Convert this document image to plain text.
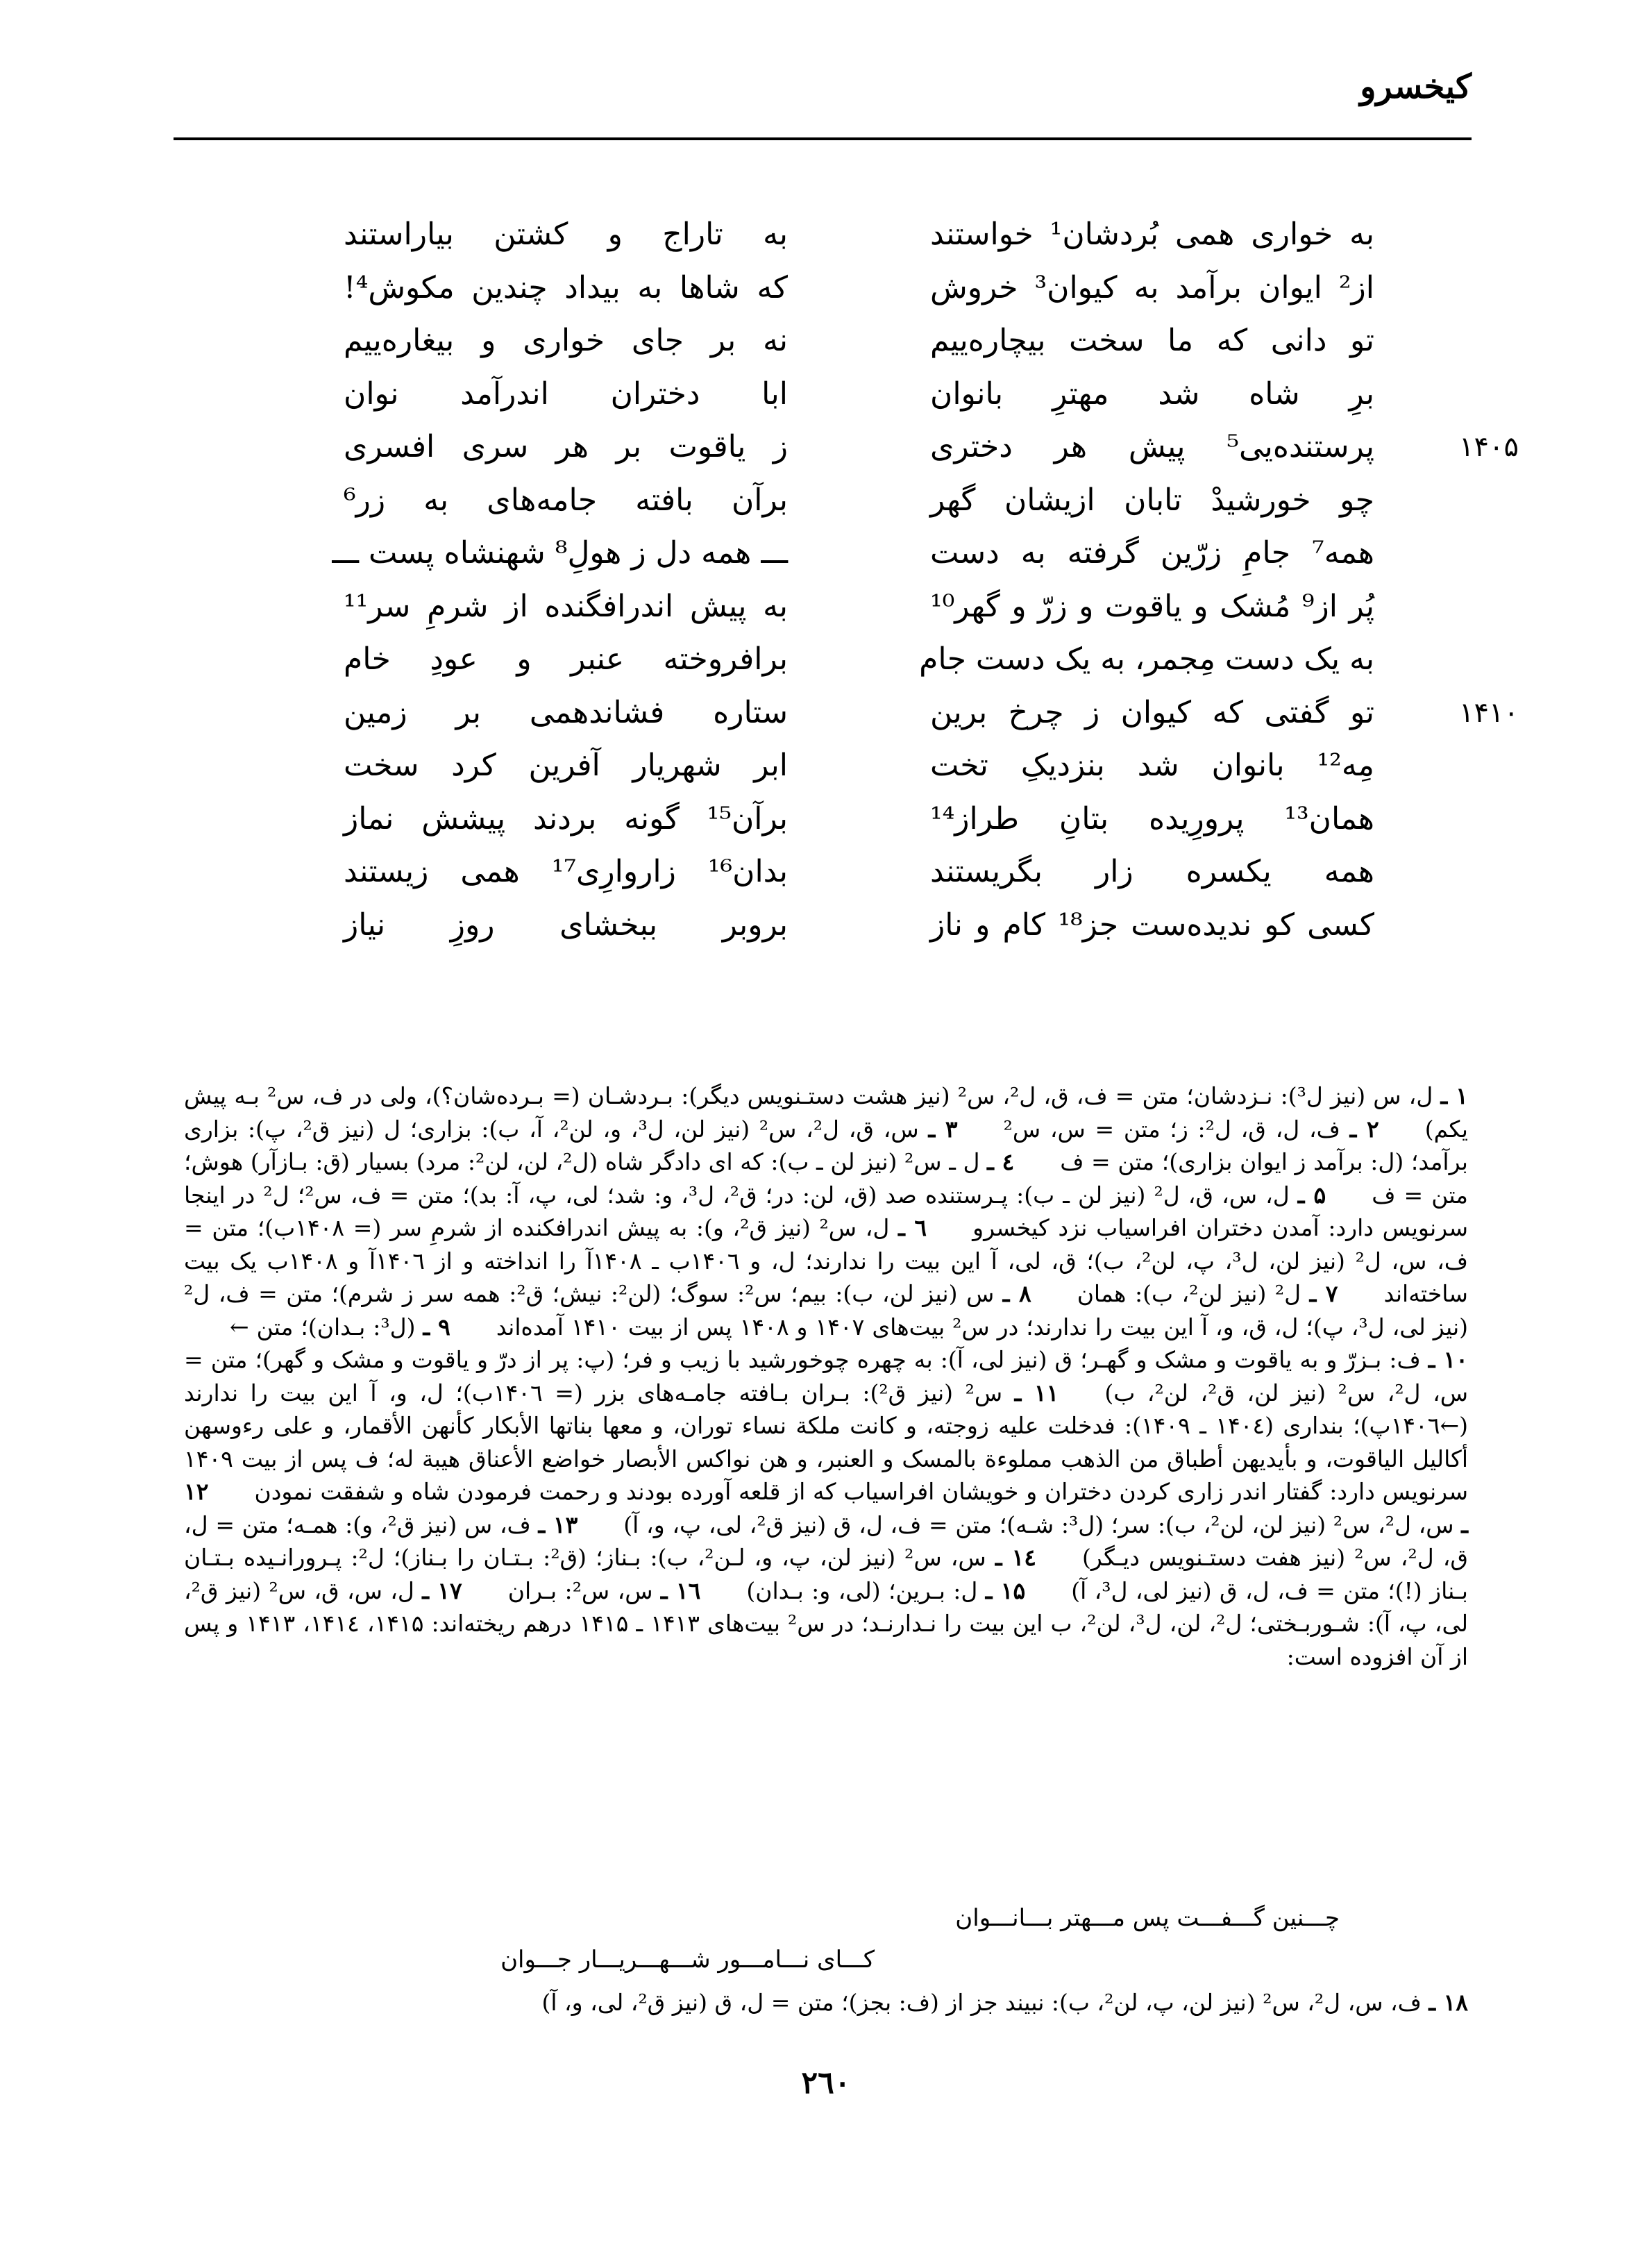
کیخسرو
به خواری همی بُردشان¹ خواستند
به تاراج و کشتن بیاراستند
از² ایوان برآمد به کیوان³ خروش
که شاها به بیداد چندین مکوش⁴!
تو دانی که ما سخت بیچاره‌ییم
نه بر جای خواری و بیغاره‌ییم
برِ شاه شد مهترِ بانوان
ابا دختران اندرآمد نوان
۱۴۰۵
پرستنده‌یی⁵ پیش هر دختری
ز یاقوت بر هر سری افسری
چو خورشیدْ تابان ازیشان گهر
برآن بافته جامه‌های به زر⁶
همه⁷ جامِ زرّین گرفته به دست
ـــ همه دل ز هولِ⁸ شهنشاه پست ـــ
پُر از⁹ مُشک و یاقوت و زرّ و گهر¹⁰
به پیش اندرافگنده از شرمِ سر¹¹
به یک دست مِجمر، به یک دست جام
برافروخته عنبر و عودِ خام
۱۴۱۰
تو گفتی که کیوان ز چرخ برین
ستاره فشاندهمی بر زمین
مِه¹² بانوان شد بنزدیکِ تخت
ابر شهریار آفرین کرد سخت
همان¹³ پرورِیده بتانِ طراز¹⁴
برآن¹⁵ گونه بردند پیشش نماز
همه یکسره زار بگریستند
بدان¹⁶ زاروارِی¹⁷ همی زیستند
کسی کو ندیده‌ست جز¹⁸ کام و ناز
بروبر ببخشای روزِ نیاز

۱ ـ ل، س (نیز ل³): نـزدشان؛ متن = ف، ق، ل²، س² (نیز هشت دستـنویس دیگر): بـردشـان (= بـرده‌شان؟)، ولی در ف، س² بـه پیش یکم)  ۲ ـ ف، ل، ق، ل²: ز؛ متن = س، س²  ۳ ـ س، ق، ل²، س² (نیز لن، ل³، و، لن²، آ، ب): بزاری؛ ل (نیز ق²، پ): بزاری برآمد؛ (ل: برآمد ز ایوان بزاری)؛ متن = ف  ٤ ـ ل ـ س² (نیز لن ـ ب): که ای دادگر شاه (ل²، لن، لن²: مرد) بسیار (ق: بـازآر) هوش؛ متن = ف  ۵ ـ ل، س، ق، ل² (نیز لن ـ ب): پـرستنده صد (ق، لن: در؛ ق²، ل³، و: شد؛ لی، پ، آ: بد)؛ متن = ف، س²؛ ل² در اینجا سرنویس دارد: آمدن دختران افراسیاب نزد کیخسرو  ٦ ـ ل، س² (نیز ق²، و): به پیش اندرافکنده از شرمِ سر (= ۱۴۰۸ب)؛ متن = ف، س، ل² (نیز لن، ل³، پ، لن²، ب)؛ ق، لی، آ این بیت را ندارند؛ ل، و ۱۴۰٦ب ـ ۱۴۰۸آ را انداخته و از ۱۴۰٦آ و ۱۴۰۸ب یک بیت ساخته‌اند  ۷ ـ ل² (نیز لن²، ب): همان  ۸ ـ س (نیز لن، ب): بیم؛ س²: سوگ؛ (لن²: نیش؛ ق²: همه سر ز شرم)؛ متن = ف، ل² (نیز لی، ل³، پ)؛ ل، ق، و، آ این بیت را ندارند؛ در س² بیت‌های ۱۴۰۷ و ۱۴۰۸ پس از بیت ۱۴۱۰ آمده‌اند  ۹ ـ (ل³: بـدان)؛ متن ←  ۱۰ ـ ف: بـزرّ و به یاقوت و مشک و گهـر؛ ق (نیز لی، آ): به چهره چوخورشید با زیب و فر؛ (پ: پر از درّ و یاقوت و مشک و گهر)؛ متن = س، ل²، س² (نیز لن، ق²، لن²، ب)  ۱۱ ـ س² (نیز ق²): بـران بـافته جامـه‌های بزر (= ۱۴۰٦ب)؛ ل، و، آ این بیت را ندارند (←۱۴۰٦پ)؛ بنداری (۱۴۰٤ ـ ۱۴۰۹): فدخلت علیه زوجته، و کانت ملکة نساء توران، و معها بناتها الأبکار کأنهن الأقمار، و علی رءوسهن أکالیل الیاقوت، و بأیدیهن أطباق من الذهب مملوءة بالمسک و العنبر، و هن نواکس الأبصار خواضع الأعناق هیبة له؛ ف پس از بیت ۱۴۰۹ سرنویس دارد: گفتار اندر زاری کردن دختران و خویشان افراسیاب که از قلعه آورده بودند و رحمت فرمودن شاه و شفقت نمودن  ۱۲ ـ س، ل²، س² (نیز لن، لن²، ب): سر؛ (ل³: شـه)؛ متن = ف، ل، ق (نیز ق²، لی، پ، و، آ)  ۱۳ ـ ف، س (نیز ق²، و): همـه؛ متن = ل، ق، ل²، س² (نیز هفت دستـنویس دیـگر)  ۱٤ ـ س، س² (نیز لن، پ، و، لـن²، ب): بـناز؛ (ق²: بـتـان را بـناز)؛ ل²: پـرورانـیده بـتـان بـناز (!)؛ متن = ف، ل، ق (نیز لی، ل³، آ)  ۱۵ ـ ل: بـرین؛ (لی، و: بـدان)  ۱٦ ـ س، س²: بـران  ۱۷ ـ ل، س، ق، س² (نیز ق²، لی، پ، آ): شـوربـختی؛ ل²، لن، ل³، لن²، ب این بیت را نـدارنـد؛ در س² بیت‌های ۱۴۱۳ ـ ۱۴۱۵ درهم ریخته‌اند: ۱۴۱۵، ۱۴۱٤، ۱۴۱۳ و پس از آن افزوده است:  

چـــنین گـــفـــت پس مـــهتر بـــانـــوان
کـــای نـــامـــور شـــهـــریـــار جـــوان
۱۸ ـ ف، س، ل²، س² (نیز لن، پ، لن²، ب): نبیند جز از (ف: بجز)؛ متن = ل، ق (نیز ق²، لی، و، آ)
۲٦۰
